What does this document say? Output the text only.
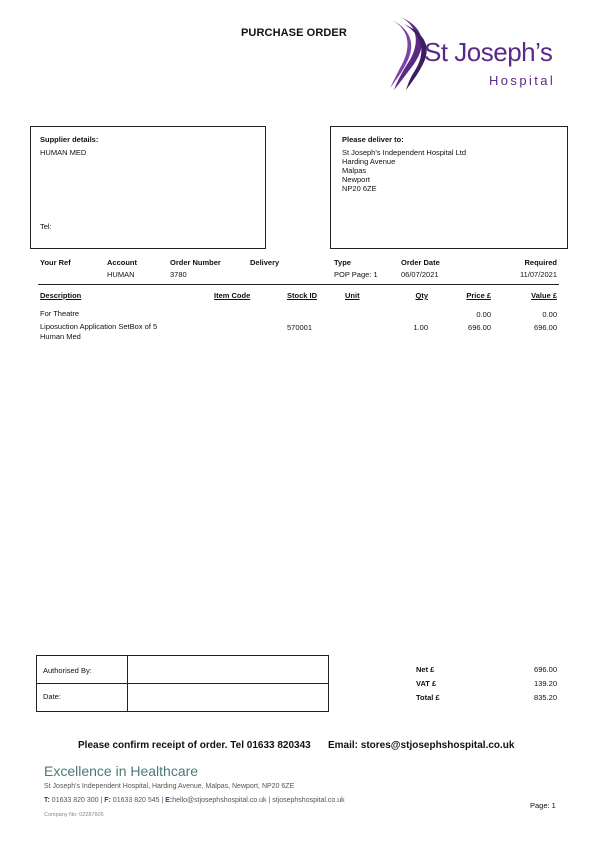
PURCHASE ORDER
St Joseph’s
Hospital
Supplier details:
HUMAN MED
Tel:
Please deliver to:
St Joseph's Independent Hospital Ltd
Harding Avenue
Malpas
Newport
NP20 6ZE
Your Ref	Account	Order Number	Delivery	Type	Order Date	Required
HUMAN	3780	POP Page: 1	06/07/2021	11/07/2021
Description	Item Code	Stock ID	Unit	Qty	Price £	Value £
For Theatre	0.00	0.00
Liposuction Application SetBox of 5
Human Med
570001	1.00	696.00	696.00
Authorised By:
Date:
Net £	696.00
VAT £	139.20
Total £	835.20
Please confirm receipt of order. Tel 01633 820343 Email: stores@stjosephshospital.co.uk
Excellence in Healthcare
St Joseph's Independent Hospital, Harding Avenue, Malpas, Newport, NP20 6ZE
T: 01633 820 300 | F: 01633 820 545 | E:hello@stjosephshospital.co.uk | stjosephshospital.co.uk
Company No: 02287605
Page: 1
